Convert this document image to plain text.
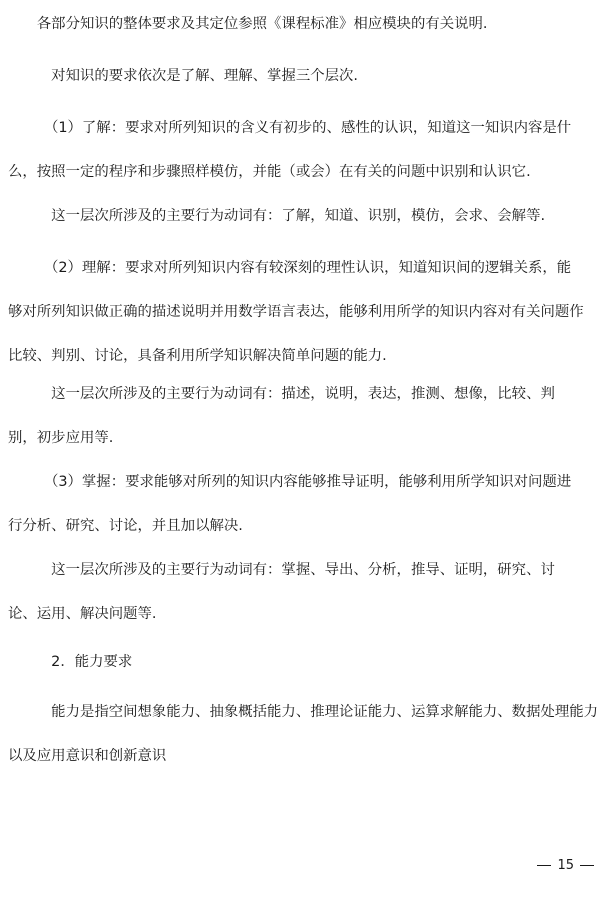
　　各部分知识的整体要求及其定位参照《课程标准》相应模块的有关说明.
　　　对知识的要求依次是了解、理解、掌握三个层次.
　　　（1）了解：要求对所列知识的含义有初步的、感性的认识，知道这一知识内容是什
么，按照一定的程序和步骤照样模仿，并能（或会）在有关的问题中识别和认识它.
　　　这一层次所涉及的主要行为动词有：了解，知道、识别，模仿，会求、会解等.
　　　（2）理解：要求对所列知识内容有较深刻的理性认识，知道知识间的逻辑关系，能
够对所列知识做正确的描述说明并用数学语言表达，能够利用所学的知识内容对有关问题作
比较、判别、讨论，具备利用所学知识解决简单问题的能力.
　　　这一层次所涉及的主要行为动词有：描述，说明，表达，推测、想像，比较、判
别，初步应用等.
　　　（3）掌握：要求能够对所列的知识内容能够推导证明，能够利用所学知识对问题进
行分析、研究、讨论，并且加以解决.
　　　这一层次所涉及的主要行为动词有：掌握、导出、分析，推导、证明，研究、讨
论、运用、解决问题等.
　　　2．能力要求
　　　能力是指空间想象能力、抽象概括能力、推理论证能力、运算求解能力、数据处理能力
以及应用意识和创新意识
15
